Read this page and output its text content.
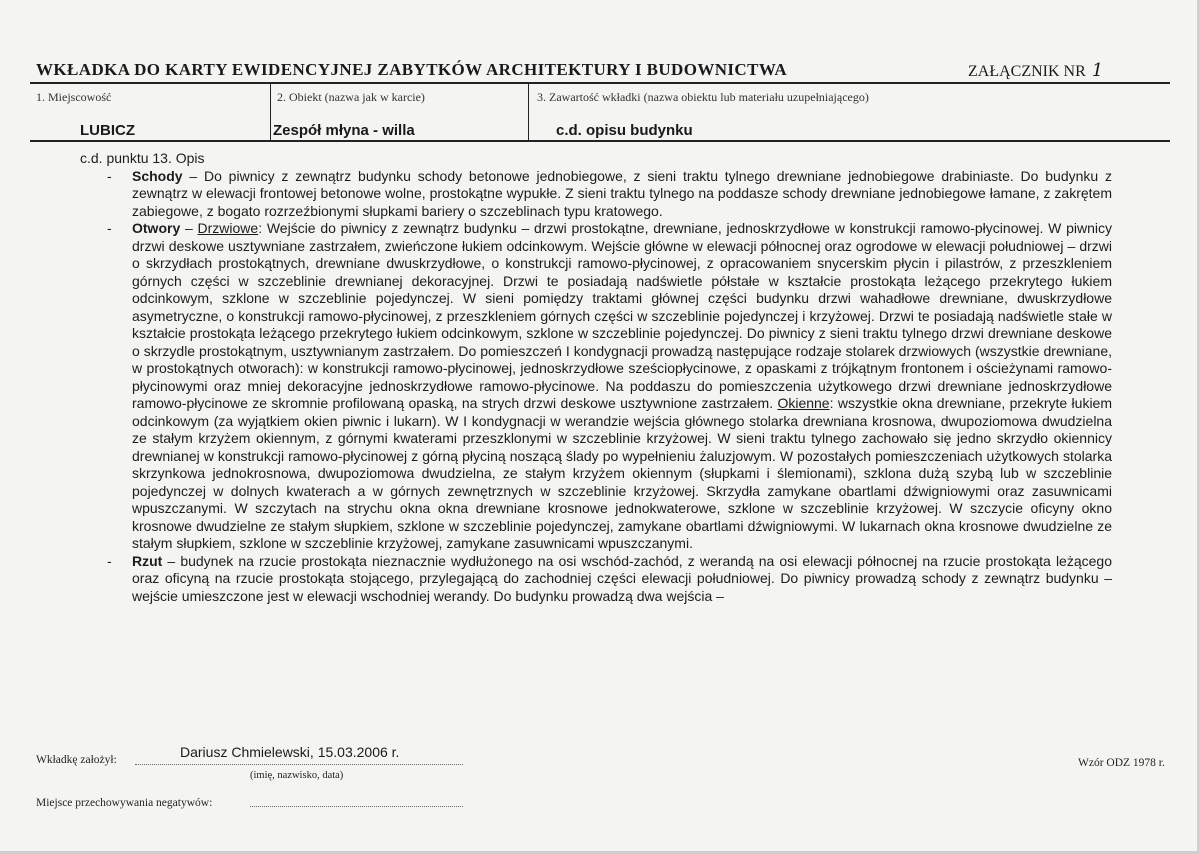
WKŁADKA DO KARTY EWIDENCYJNEJ ZABYTKÓW ARCHITEKTURY I BUDOWNICTWA	ZAŁĄCZNIK NR 1
1. Miejscowość	2. Obiekt (nazwa jak w karcie)	3. Zawartość wkładki (nazwa obiektu lub materiału uzupełniającego)
LUBICZ	Zespół młyna - willa	c.d. opisu budynku

c.d. punktu 13. Opis

- Schody – Do piwnicy z zewnątrz budynku schody betonowe jednobiegowe, z sieni traktu tylnego drewniane jednobiegowe drabiniaste. Do budynku z zewnątrz w elewacji frontowej betonowe wolne, prostokątne wypukłe. Z sieni traktu tylnego na poddasze schody drewniane jednobiegowe łamane, z zakrętem zabiegowe, z bogato rozrzeźbionymi słupkami bariery o szczeblinach typu kratowego.
- Otwory – Drzwiowe: Wejście do piwnicy z zewnątrz budynku – drzwi prostokątne, drewniane, jednoskrzydłowe w konstrukcji ramowo-płycinowej. W piwnicy drzwi deskowe usztywniane zastrzałem, zwieńczone łukiem odcinkowym. Wejście główne w elewacji północnej oraz ogrodowe w elewacji południowej – drzwi o skrzydłach prostokątnych, drewniane dwuskrzydłowe, o konstrukcji ramowo-płycinowej, z opracowaniem snycerskim płycin i pilastrów, z przeszkleniem górnych części w szczeblinie drewnianej dekoracyjnej. Drzwi te posiadają nadświetle półstałe w kształcie prostokąta leżącego przekrytego łukiem odcinkowym, szklone w szczeblinie pojedynczej. W sieni pomiędzy traktami głównej części budynku drzwi wahadłowe drewniane, dwuskrzydłowe asymetryczne, o konstrukcji ramowo-płycinowej, z przeszkleniem górnych części w szczeblinie pojedynczej i krzyżowej. Drzwi te posiadają nadświetle stałe w kształcie prostokąta leżącego przekrytego łukiem odcinkowym, szklone w szczeblinie pojedynczej. Do piwnicy z sieni traktu tylnego drzwi drewniane deskowe o skrzydle prostokątnym, usztywnianym zastrzałem. Do pomieszczeń I kondygnacji prowadzą następujące rodzaje stolarek drzwiowych (wszystkie drewniane, w prostokątnych otworach): w konstrukcji ramowo-płycinowej, jednoskrzydłowe sześciopłycinowe, z opaskami z trójkątnym frontonem i ościeżynami ramowo-płycinowymi oraz mniej dekoracyjne jednoskrzydłowe ramowo-płycinowe. Na poddaszu do pomieszczenia użytkowego drzwi drewniane jednoskrzydłowe ramowo-płycinowe ze skromnie profilowaną opaską, na strych drzwi deskowe usztywnione zastrzałem. Okienne: wszystkie okna drewniane, przekryte łukiem odcinkowym (za wyjątkiem okien piwnic i lukarn). W I kondygnacji w werandzie wejścia głównego stolarka drewniana krosnowa, dwupoziomowa dwudzielna ze stałym krzyżem okiennym, z górnymi kwaterami przeszklonymi w szczeblinie krzyżowej. W sieni traktu tylnego zachowało się jedno skrzydło okiennicy drewnianej w konstrukcji ramowo-płycinowej z górną płyciną noszącą ślady po wypełnieniu żaluzjowym. W pozostałych pomieszczeniach użytkowych stolarka skrzynkowa jednokrosnowa, dwupoziomowa dwudzielna, ze stałym krzyżem okiennym (słupkami i ślemionami), szklona dużą szybą lub w szczeblinie pojedynczej w dolnych kwaterach a w górnych zewnętrznych w szczeblinie krzyżowej. Skrzydła zamykane obartlami dźwigniowymi oraz zasuwnicami wpuszczanymi. W szczytach na strychu okna okna drewniane krosnowe jednokwaterowe, szklone w szczeblinie krzyżowej. W szczycie oficyny okno krosnowe dwudzielne ze stałym słupkiem, szklone w szczeblinie pojedynczej, zamykane obartlami dźwigniowymi. W lukarnach okna krosnowe dwudzielne ze stałym słupkiem, szklone w szczeblinie krzyżowej, zamykane zasuwnicami wpuszczanymi.
- Rzut – budynek na rzucie prostokąta nieznacznie wydłużonego na osi wschód-zachód, z werandą na osi elewacji północnej na rzucie prostokąta leżącego oraz oficyną na rzucie prostokąta stojącego, przylegającą do zachodniej części elewacji południowej. Do piwnicy prowadzą schody z zewnątrz budynku – wejście umieszczone jest w elewacji wschodniej werandy. Do budynku prowadzą dwa wejścia –
Wkładkę założył:	Dariusz Chmielewski, 15.03.2006 r.
(imię, nazwisko, data)
Wzór ODZ 1978 r.
Miejsce przechowywania negatywów:
